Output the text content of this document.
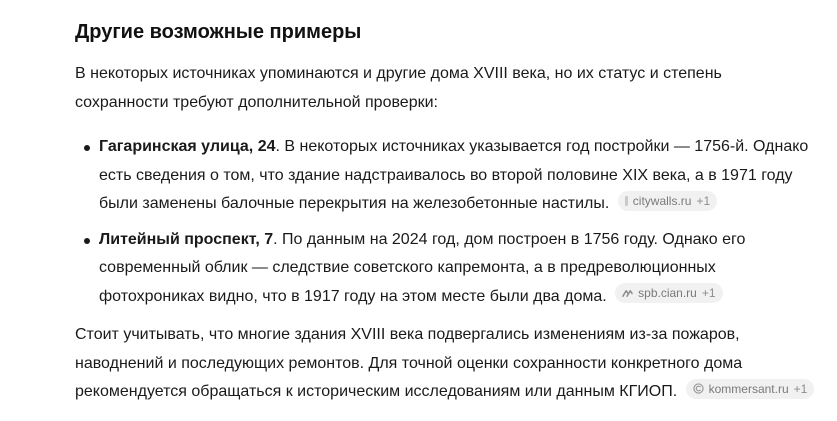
Другие возможные примеры

В некоторых источниках упоминаются и другие дома XVIII века, но их статус и степень сохранности требуют дополнительной проверки:

Гагаринская улица, 24. В некоторых источниках указывается год постройки — 1756-й. Однако есть сведения о том, что здание надстраивалось во второй половине XIX века, а в 1971 году были заменены балочные перекрытия на железобетонные настилы. citywalls.ru +1
Литейный проспект, 7. По данным на 2024 год, дом построен в 1756 году. Однако его современный облик — следствие советского капремонта, а в предреволюционных фотохрониках видно, что в 1917 году на этом месте были два дома.	spb.cian.ru +1

Стоит учитывать, что многие здания XVIII века подвергались изменениям из-за пожаров, наводнений и последующих ремонтов. Для точной оценки сохранности конкретного дома рекомендуется обращаться к историческим исследованиям или данным КГИОП.	kommersant.ru +1
